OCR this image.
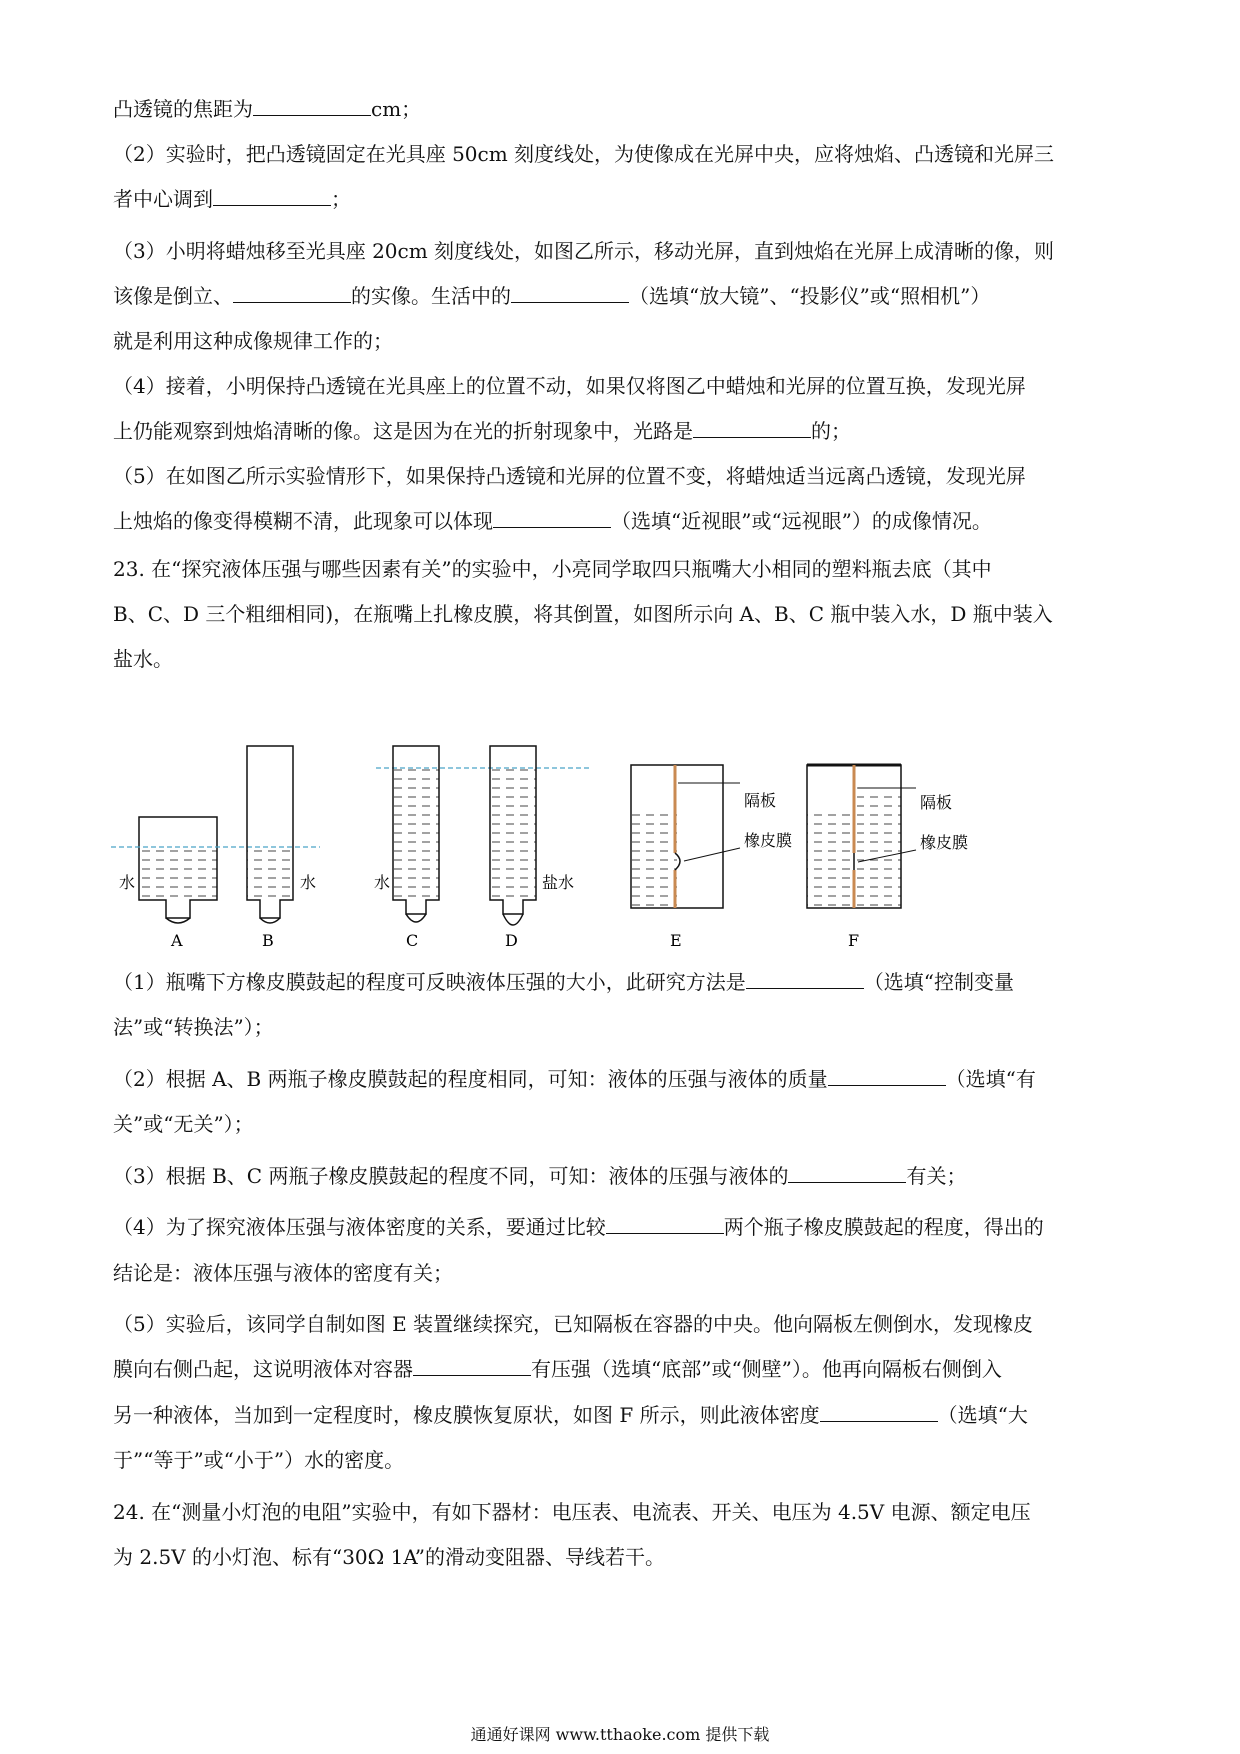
凸透镜的焦距为	cm；
（2）实验时，把凸透镜固定在光具座 50cm 刻度线处，为使像成在光屏中央，应将烛焰、凸透镜和光屏三
者中心调到	；
（3）小明将蜡烛移至光具座 20cm 刻度线处，如图乙所示，移动光屏，直到烛焰在光屏上成清晰的像，则
该像是倒立、	的实像。生活中的	（选填“放大镜”、“投影仪”或“照相机”）
就是利用这种成像规律工作的；
（4）接着，小明保持凸透镜在光具座上的位置不动，如果仅将图乙中蜡烛和光屏的位置互换，发现光屏
上仍能观察到烛焰清晰的像。这是因为在光的折射现象中，光路是	的；
（5）在如图乙所示实验情形下，如果保持凸透镜和光屏的位置不变，将蜡烛适当远离凸透镜，发现光屏
上烛焰的像变得模糊不清，此现象可以体现	（选填“近视眼”或“远视眼”）的成像情况。
23. 在“探究液体压强与哪些因素有关”的实验中，小亮同学取四只瓶嘴大小相同的塑料瓶去底（其中
B、C、D 三个粗细相同)，在瓶嘴上扎橡皮膜，将其倒置，如图所示向 A、B、C 瓶中装入水，D 瓶中装入
盐水。
水
A
水
B
水
C
盐水
D
隔板
橡皮膜
E
隔板
橡皮膜
F
（1）瓶嘴下方橡皮膜鼓起的程度可反映液体压强的大小，此研究方法是	（选填“控制变量
法”或“转换法”）；
（2）根据 A、B 两瓶子橡皮膜鼓起的程度相同，可知：液体的压强与液体的质量	（选填“有
关”或“无关”）；
（3）根据 B、C 两瓶子橡皮膜鼓起的程度不同，可知：液体的压强与液体的	有关；
（4）为了探究液体压强与液体密度的关系，要通过比较	两个瓶子橡皮膜鼓起的程度，得出的
结论是：液体压强与液体的密度有关；
（5）实验后，该同学自制如图 E 装置继续探究，已知隔板在容器的中央。他向隔板左侧倒水，发现橡皮
膜向右侧凸起，这说明液体对容器	有压强（选填“底部”或“侧壁”）。他再向隔板右侧倒入
另一种液体，当加到一定程度时，橡皮膜恢复原状，如图 F 所示，则此液体密度	（选填“大
于”“等于”或“小于”）水的密度。
24. 在“测量小灯泡的电阻”实验中，有如下器材：电压表、电流表、开关、电压为 4.5V 电源、额定电压
为 2.5V 的小灯泡、标有“30Ω 1A”的滑动变阻器、导线若干。
通通好课网 www.tthaoke.com 提供下载
